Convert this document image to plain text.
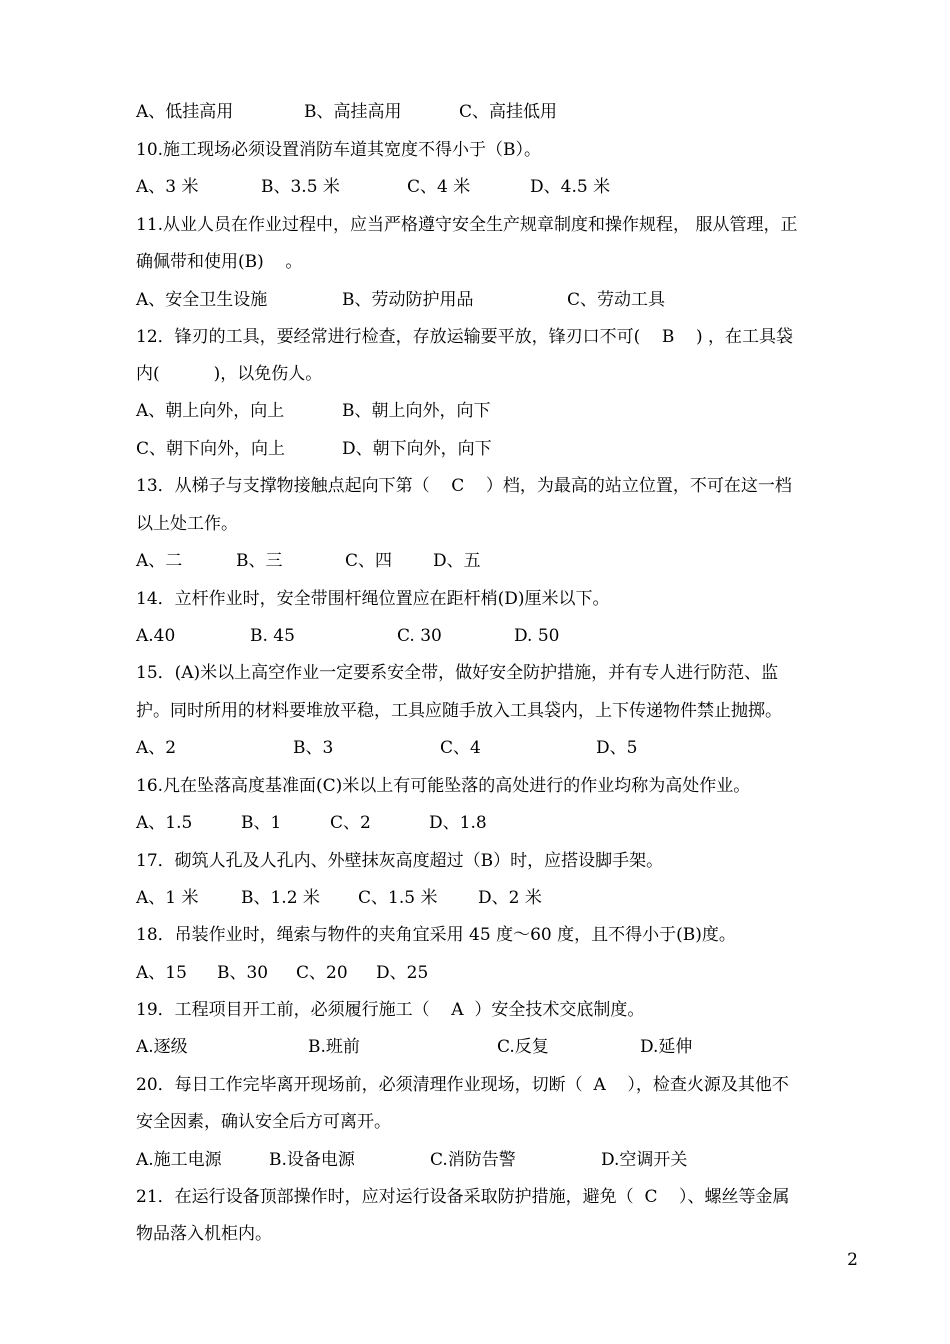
A、低挂高用	B、高挂高用	C、高挂低用
10.施工现场必须设置消防车道其宽度不得小于（B）。
A、3 米	B、3.5 米	C、4 米	D、4.5 米
11.从业人员在作业过程中，应当严格遵守安全生产规章制度和操作规程， 服从管理，正
确佩带和使用(B)    。
A、安全卫生设施	B、劳动防护用品	C、劳动工具
12．锋刃的工具，要经常进行检查，存放运输要平放，锋刃口不可(    B    ) ，在工具袋
内(          )，以免伤人。
A、朝上向外，向上	B、朝上向外，向下
C、朝下向外，向上	D、朝下向外，向下
13．从梯子与支撑物接触点起向下第（    C    ）档，为最高的站立位置，不可在这一档
以上处工作。
A、二	B、三	C、四 D、五
14．立杆作业时，安全带围杆绳位置应在距杆梢(D)厘米以下。
A.40	B. 45	C. 30	D. 50
15．(A)米以上高空作业一定要系安全带，做好安全防护措施，并有专人进行防范、监
护。同时所用的材料要堆放平稳，工具应随手放入工具袋内，上下传递物件禁止抛掷。
A、2	B、3	C、4	D、5
16.凡在坠落高度基准面(C)米以上有可能坠落的高处进行的作业均称为高处作业。
A、1.5	B、1	C、2	D、1.8
17．砌筑人孔及人孔内、外壁抹灰高度超过（B）时，应搭设脚手架。
A、1 米	B、1.2 米 C、1.5 米 D、2 米
18．吊装作业时，绳索与物件的夹角宜采用 45 度～60 度，且不得小于(B)度。
A、15 B、30 C、20 D、25
19．工程项目开工前，必须履行施工（    A  ）安全技术交底制度。
A.逐级	B.班前	C.反复	D.延伸
20．每日工作完毕离开现场前，必须清理作业现场，切断（  A    ），检查火源及其他不
安全因素，确认安全后方可离开。
A.施工电源	B.设备电源	C.消防告警	D.空调开关
21．在运行设备顶部操作时，应对运行设备采取防护措施，避免（  C    ）、螺丝等金属
物品落入机柜内。
2
